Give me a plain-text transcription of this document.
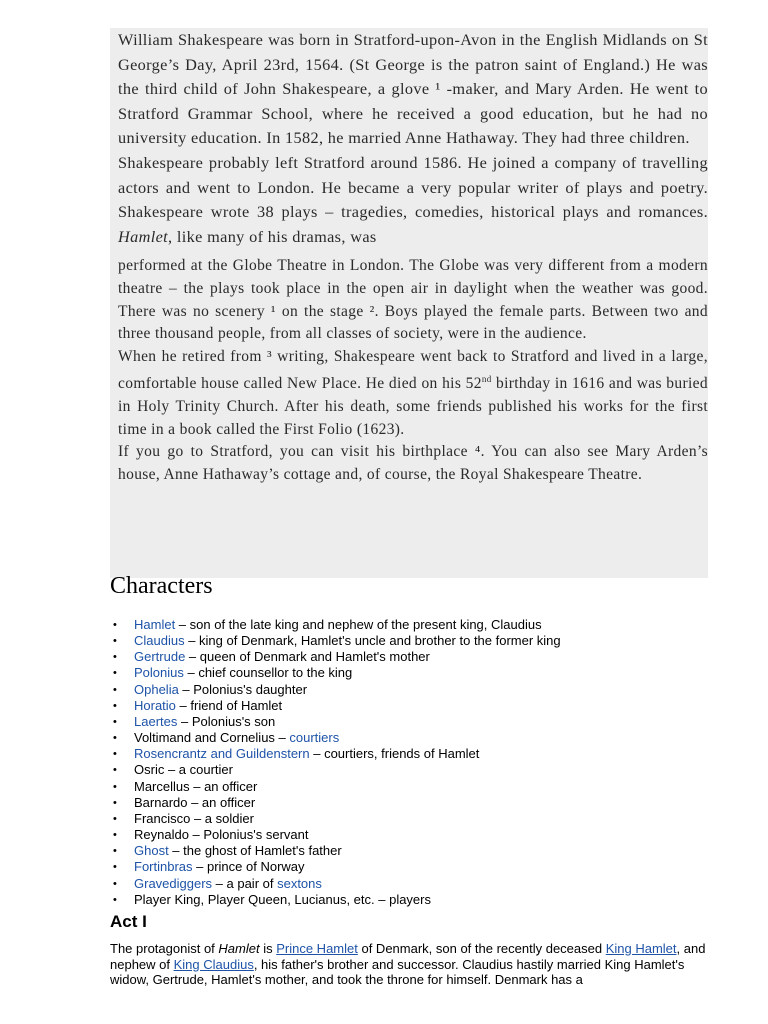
William Shakespeare was born in Stratford-upon-Avon in the English Midlands on St George’s Day, April 23rd, 1564. (St George is the patron saint of England.) He was the third child of John Shakespeare, a glove ¹ -maker, and Mary Arden. He went to Stratford Grammar School, where he received a good education, but he had no university education. In 1582, he married Anne Hathaway. They had three children.

Shakespeare probably left Stratford around 1586. He joined a company of travelling actors and went to London. He became a very popular writer of plays and poetry. Shakespeare wrote 38 plays – tragedies, comedies, historical plays and romances. Hamlet, like many of his dramas, was

performed at the Globe Theatre in London. The Globe was very different from a modern theatre – the plays took place in the open air in daylight when the weather was good. There was no scenery ¹ on the stage ². Boys played the female parts. Between two and three thousand people, from all classes of society, were in the audience.

When he retired from ³ writing, Shakespeare went back to Stratford and lived in a large, comfortable house called New Place. He died on his 52nd birthday in 1616 and was buried in Holy Trinity Church. After his death, some friends published his works for the first time in a book called the First Folio (1623).

If you go to Stratford, you can visit his birthplace ⁴. You can also see Mary Arden’s house, Anne Hathaway’s cottage and, of course, the Royal Shakespeare Theatre.

Characters
• Hamlet – son of the late king and nephew of the present king, Claudius
• Claudius – king of Denmark, Hamlet's uncle and brother to the former king
• Gertrude – queen of Denmark and Hamlet's mother
• Polonius – chief counsellor to the king
• Ophelia – Polonius's daughter
• Horatio – friend of Hamlet
• Laertes – Polonius's son
• Voltimand and Cornelius – courtiers
• Rosencrantz and Guildenstern – courtiers, friends of Hamlet
• Osric – a courtier
• Marcellus – an officer
• Barnardo – an officer
• Francisco – a soldier
• Reynaldo – Polonius's servant
• Ghost – the ghost of Hamlet's father
• Fortinbras – prince of Norway
• Gravediggers – a pair of sextons
• Player King, Player Queen, Lucianus, etc. – players
Act I

The protagonist of Hamlet is Prince Hamlet of Denmark, son of the recently deceased King Hamlet, and nephew of King Claudius, his father's brother and successor. Claudius hastily married King Hamlet's widow, Gertrude, Hamlet's mother, and took the throne for himself. Denmark has a
